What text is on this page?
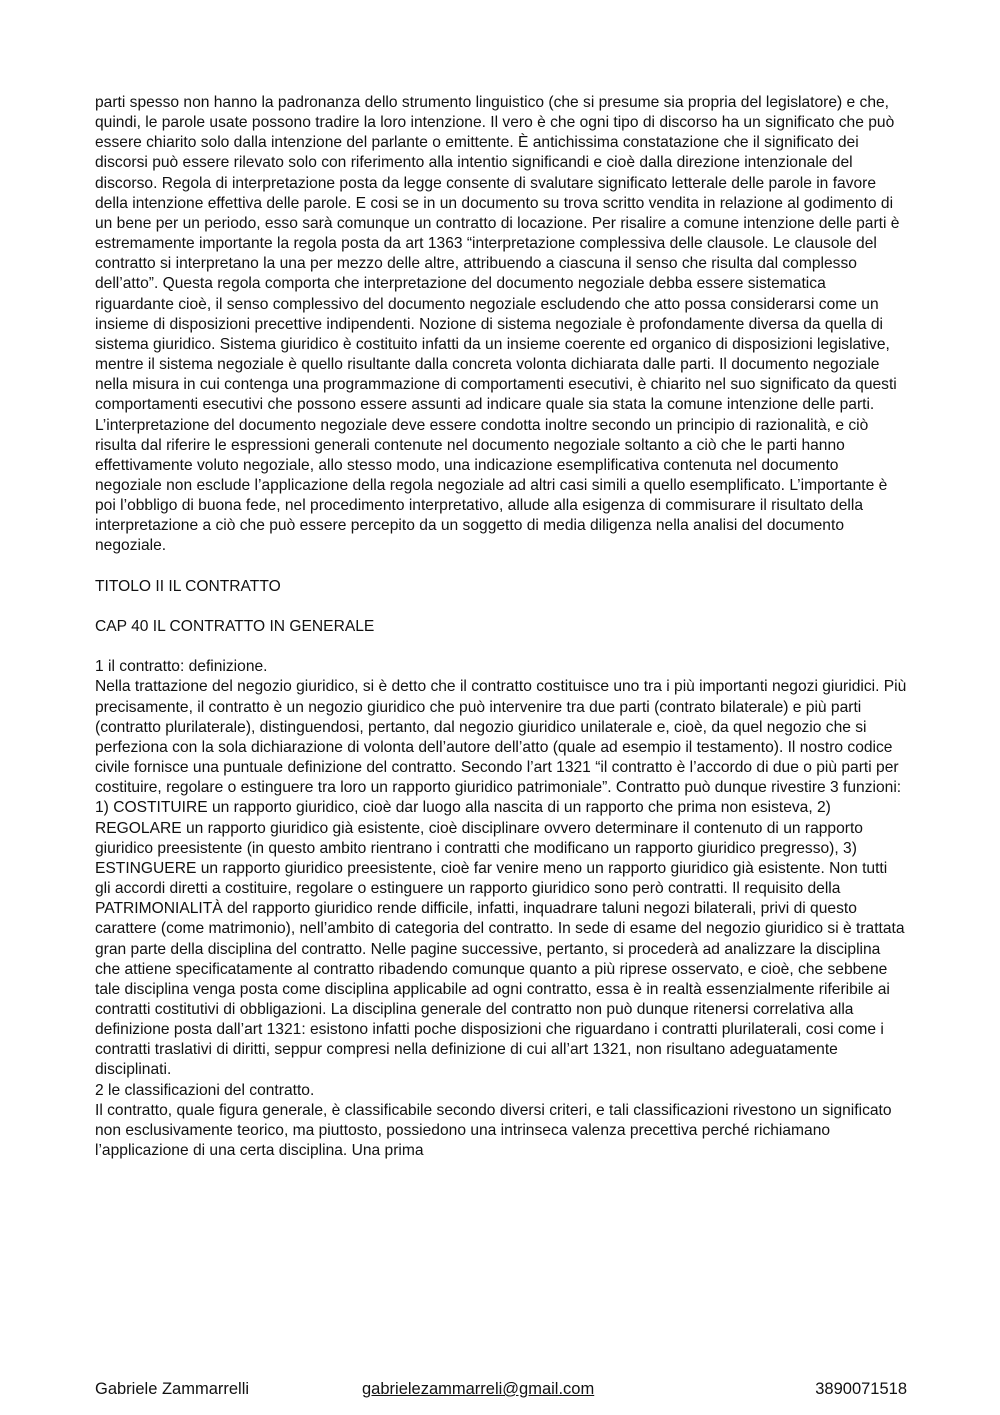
parti spesso non hanno la padronanza dello strumento linguistico (che si presume sia propria del legislatore) e che, quindi, le parole usate possono tradire la loro intenzione. Il vero è che ogni tipo di discorso ha un significato che può essere chiarito solo dalla intenzione del parlante o emittente. È antichissima constatazione che il significato dei discorsi può essere rilevato solo con riferimento alla intentio significandi e cioè dalla direzione intenzionale del discorso. Regola di interpretazione posta da legge consente di svalutare significato letterale delle parole in favore della intenzione effettiva delle parole. E cosi se in un documento su trova scritto vendita in relazione al godimento di un bene per un periodo, esso sarà comunque un contratto di locazione. Per risalire a comune intenzione delle parti è estremamente importante la regola posta da art 1363 “interpretazione complessiva delle clausole. Le clausole del contratto si interpretano la una per mezzo delle altre, attribuendo a ciascuna il senso che risulta dal complesso dell’atto”. Questa regola comporta che interpretazione del documento negoziale debba essere sistematica riguardante cioè, il senso complessivo del documento negoziale escludendo che atto possa considerarsi come un insieme di disposizioni precettive indipendenti. Nozione di sistema negoziale è profondamente diversa da quella di sistema giuridico. Sistema giuridico è costituito infatti da un insieme coerente ed organico di disposizioni legislative, mentre il sistema negoziale è quello risultante dalla concreta volonta dichiarata dalle parti. Il documento negoziale nella misura in cui contenga una programmazione di comportamenti esecutivi, è chiarito nel suo significato da questi comportamenti esecutivi che possono essere assunti ad indicare quale sia stata la comune intenzione delle parti. L’interpretazione del documento negoziale deve essere condotta inoltre secondo un principio di razionalità, e ciò risulta dal riferire le espressioni generali contenute nel documento negoziale soltanto a ciò che le parti hanno effettivamente voluto negoziale, allo stesso modo, una indicazione esemplificativa contenuta nel documento negoziale non esclude l’applicazione della regola negoziale ad altri casi simili a quello esemplificato. L’importante è poi l’obbligo di buona fede, nel procedimento interpretativo, allude alla esigenza di commisurare il risultato della interpretazione a ciò che può essere percepito da un soggetto di media diligenza nella analisi del documento negoziale.

TITOLO II IL CONTRATTO

CAP 40 IL CONTRATTO IN GENERALE

1 il contratto: definizione.

Nella trattazione del negozio giuridico, si è detto che il contratto costituisce uno tra i più importanti negozi giuridici. Più precisamente, il contratto è un negozio giuridico che può intervenire tra due parti (contrato bilaterale) e più parti (contratto plurilaterale), distinguendosi, pertanto, dal negozio giuridico unilaterale e, cioè, da quel negozio che si perfeziona con la sola dichiarazione di volonta dell’autore dell’atto (quale ad esempio il testamento). Il nostro codice civile fornisce una puntuale definizione del contratto. Secondo l’art 1321 “il contratto è l’accordo di due o più parti per costituire, regolare o estinguere tra loro un rapporto giuridico patrimoniale”. Contratto può dunque rivestire 3 funzioni: 1) COSTITUIRE un rapporto giuridico, cioè dar luogo alla nascita di un rapporto che prima non esisteva, 2) REGOLARE un rapporto giuridico già esistente, cioè disciplinare ovvero determinare il contenuto di un rapporto giuridico preesistente (in questo ambito rientrano i contratti che modificano un rapporto giuridico pregresso), 3) ESTINGUERE un rapporto giuridico preesistente, cioè far venire meno un rapporto giuridico già esistente. Non tutti gli accordi diretti a costituire, regolare o estinguere un rapporto giuridico sono però contratti. Il requisito della PATRIMONIALITÀ del rapporto giuridico rende difficile, infatti, inquadrare taluni negozi bilaterali, privi di questo carattere (come matrimonio), nell’ambito di categoria del contratto. In sede di esame del negozio giuridico si è trattata gran parte della disciplina del contratto. Nelle pagine successive, pertanto, si procederà ad analizzare la disciplina che attiene specificatamente al contratto ribadendo comunque quanto a più riprese osservato, e cioè, che sebbene tale disciplina venga posta come disciplina applicabile ad ogni contratto, essa è in realtà essenzialmente riferibile ai contratti costitutivi di obbligazioni. La disciplina generale del contratto non può dunque ritenersi correlativa alla definizione posta dall’art 1321: esistono infatti poche disposizioni che riguardano i contratti plurilaterali, cosi come i contratti traslativi di diritti, seppur compresi nella definizione di cui all’art 1321, non risultano adeguatamente disciplinati.

2 le classificazioni del contratto.

Il contratto, quale figura generale, è classificabile secondo diversi criteri, e tali classificazioni rivestono un significato non esclusivamente teorico, ma piuttosto, possiedono una intrinseca valenza precettiva perché richiamano l’applicazione di una certa disciplina. Una prima

Gabriele Zammarrelli	gabrielezammarreli@gmail.com	3890071518
